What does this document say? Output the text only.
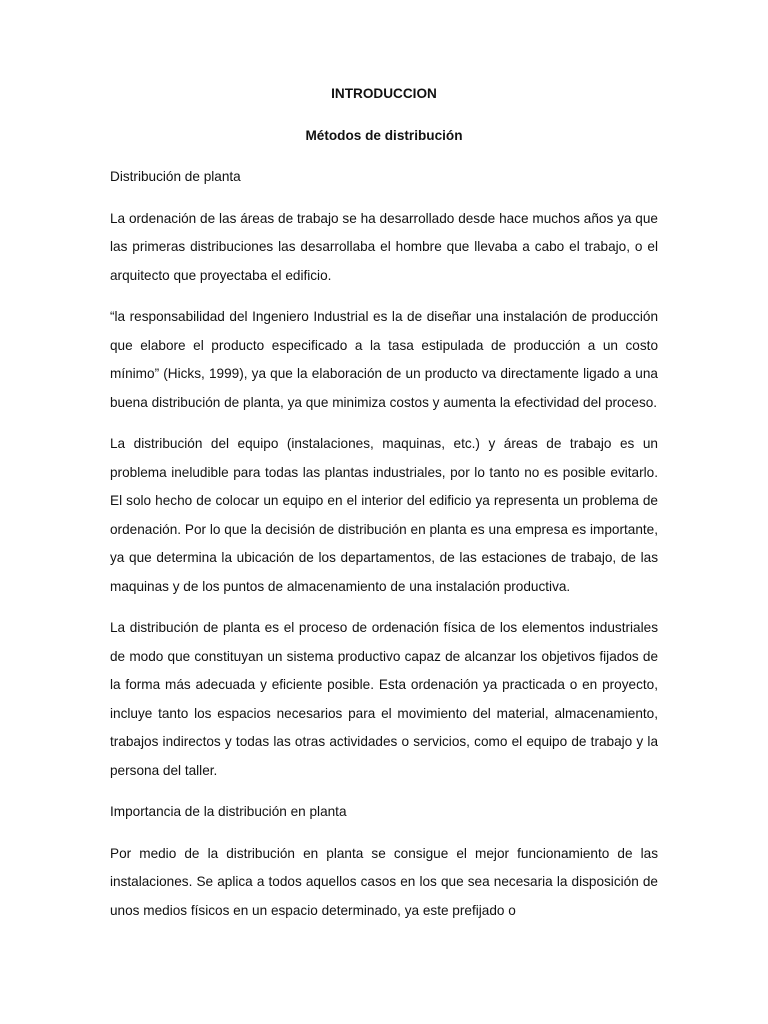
INTRODUCCION
Métodos de distribución
Distribución de planta

La ordenación de las áreas de trabajo se ha desarrollado desde hace muchos años ya que las primeras distribuciones las desarrollaba el hombre que llevaba a cabo el trabajo, o el arquitecto que proyectaba el edificio.

“la responsabilidad del Ingeniero Industrial es la de diseñar una instalación de producción que elabore el producto especificado a la tasa estipulada de producción a un costo mínimo” (Hicks, 1999), ya que la elaboración de un producto va directamente ligado a una buena distribución de planta, ya que minimiza costos y aumenta la efectividad del proceso.

La distribución del equipo (instalaciones, maquinas, etc.) y áreas de trabajo es un problema ineludible para todas las plantas industriales, por lo tanto no es posible evitarlo. El solo hecho de colocar un equipo en el interior del edificio ya representa un problema de ordenación. Por lo que la decisión de distribución en planta es una empresa es importante, ya que determina la ubicación de los departamentos, de las estaciones de trabajo, de las maquinas y de los puntos de almacenamiento de una instalación productiva.

La distribución de planta es el proceso de ordenación física de los elementos industriales de modo que constituyan un sistema productivo capaz de alcanzar los objetivos fijados de la forma más adecuada y eficiente posible. Esta ordenación ya practicada o en proyecto, incluye tanto los espacios necesarios para el movimiento del material, almacenamiento, trabajos indirectos y todas las otras actividades o servicios, como el equipo de trabajo y la persona del taller.

Importancia de la distribución en planta

Por medio de la distribución en planta se consigue el mejor funcionamiento de las instalaciones. Se aplica a todos aquellos casos en los que sea necesaria la disposición de unos medios físicos en un espacio determinado, ya este prefijado o
